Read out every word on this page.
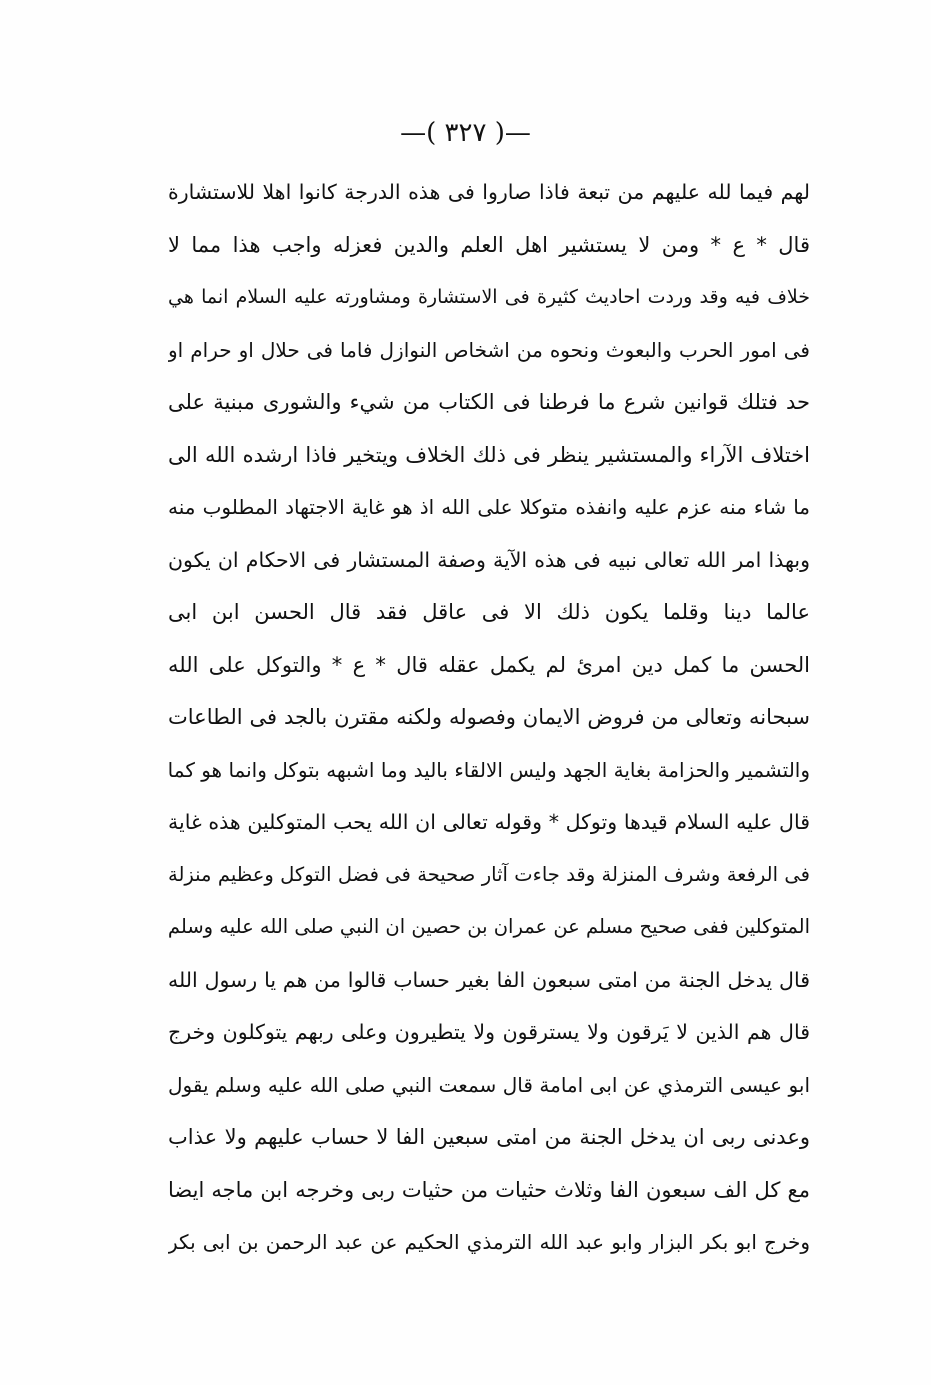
—( ٣٢٧ )—
لهم فيما لله عليهم من تبعة فاذا صاروا فى هذه الدرجة كانوا اهلا للاستشارة
قال * ع * ومن لا يستشير اهل العلم والدين فعزله واجب هذا مما لا
خلاف فيه وقد وردت احاديث كثيرة فى الاستشارة ومشاورته عليه السلام انما هي
فى امور الحرب والبعوث ونحوه من اشخاص النوازل فاما فى حلال او حرام او
حد فتلك قوانين شرع ما فرطنا فى الكتاب من شيء والشورى مبنية على
اختلاف الآراء والمستشير ينظر فى ذلك الخلاف ويتخير فاذا ارشده الله الى
ما شاء منه عزم عليه وانفذه متوكلا على الله اذ هو غاية الاجتهاد المطلوب منه
وبهذا امر الله تعالى نبيه فى هذه الآية وصفة المستشار فى الاحكام ان يكون
عالما دينا وقلما يكون ذلك الا فى عاقل فقد قال الحسن ابن ابى
الحسن ما كمل دين امرئ لم يكمل عقله قال * ع * والتوكل على الله
سبحانه وتعالى من فروض الايمان وفصوله ولكنه مقترن بالجد فى الطاعات
والتشمير والحزامة بغاية الجهد وليس الالقاء باليد وما اشبهه بتوكل وانما هو كما
قال عليه السلام قيدها وتوكل * وقوله تعالى ان الله يحب المتوكلين هذه غاية
فى الرفعة وشرف المنزلة وقد جاءت آثار صحيحة فى فضل التوكل وعظيم منزلة
المتوكلين ففى صحيح مسلم عن عمران بن حصين ان النبي صلى الله عليه وسلم
قال يدخل الجنة من امتى سبعون الفا بغير حساب قالوا من هم يا رسول الله
قال هم الذين لا يَرقون ولا يسترقون ولا يتطيرون وعلى ربهم يتوكلون وخرج
ابو عيسى الترمذي عن ابى امامة قال سمعت النبي صلى الله عليه وسلم يقول
وعدنى ربى ان يدخل الجنة من امتى سبعين الفا لا حساب عليهم ولا عذاب
مع كل الف سبعون الفا وثلاث حثيات من حثيات ربى وخرجه ابن ماجه ايضا
وخرج ابو بكر البزار وابو عبد الله الترمذي الحكيم عن عبد الرحمن بن ابى بكر
